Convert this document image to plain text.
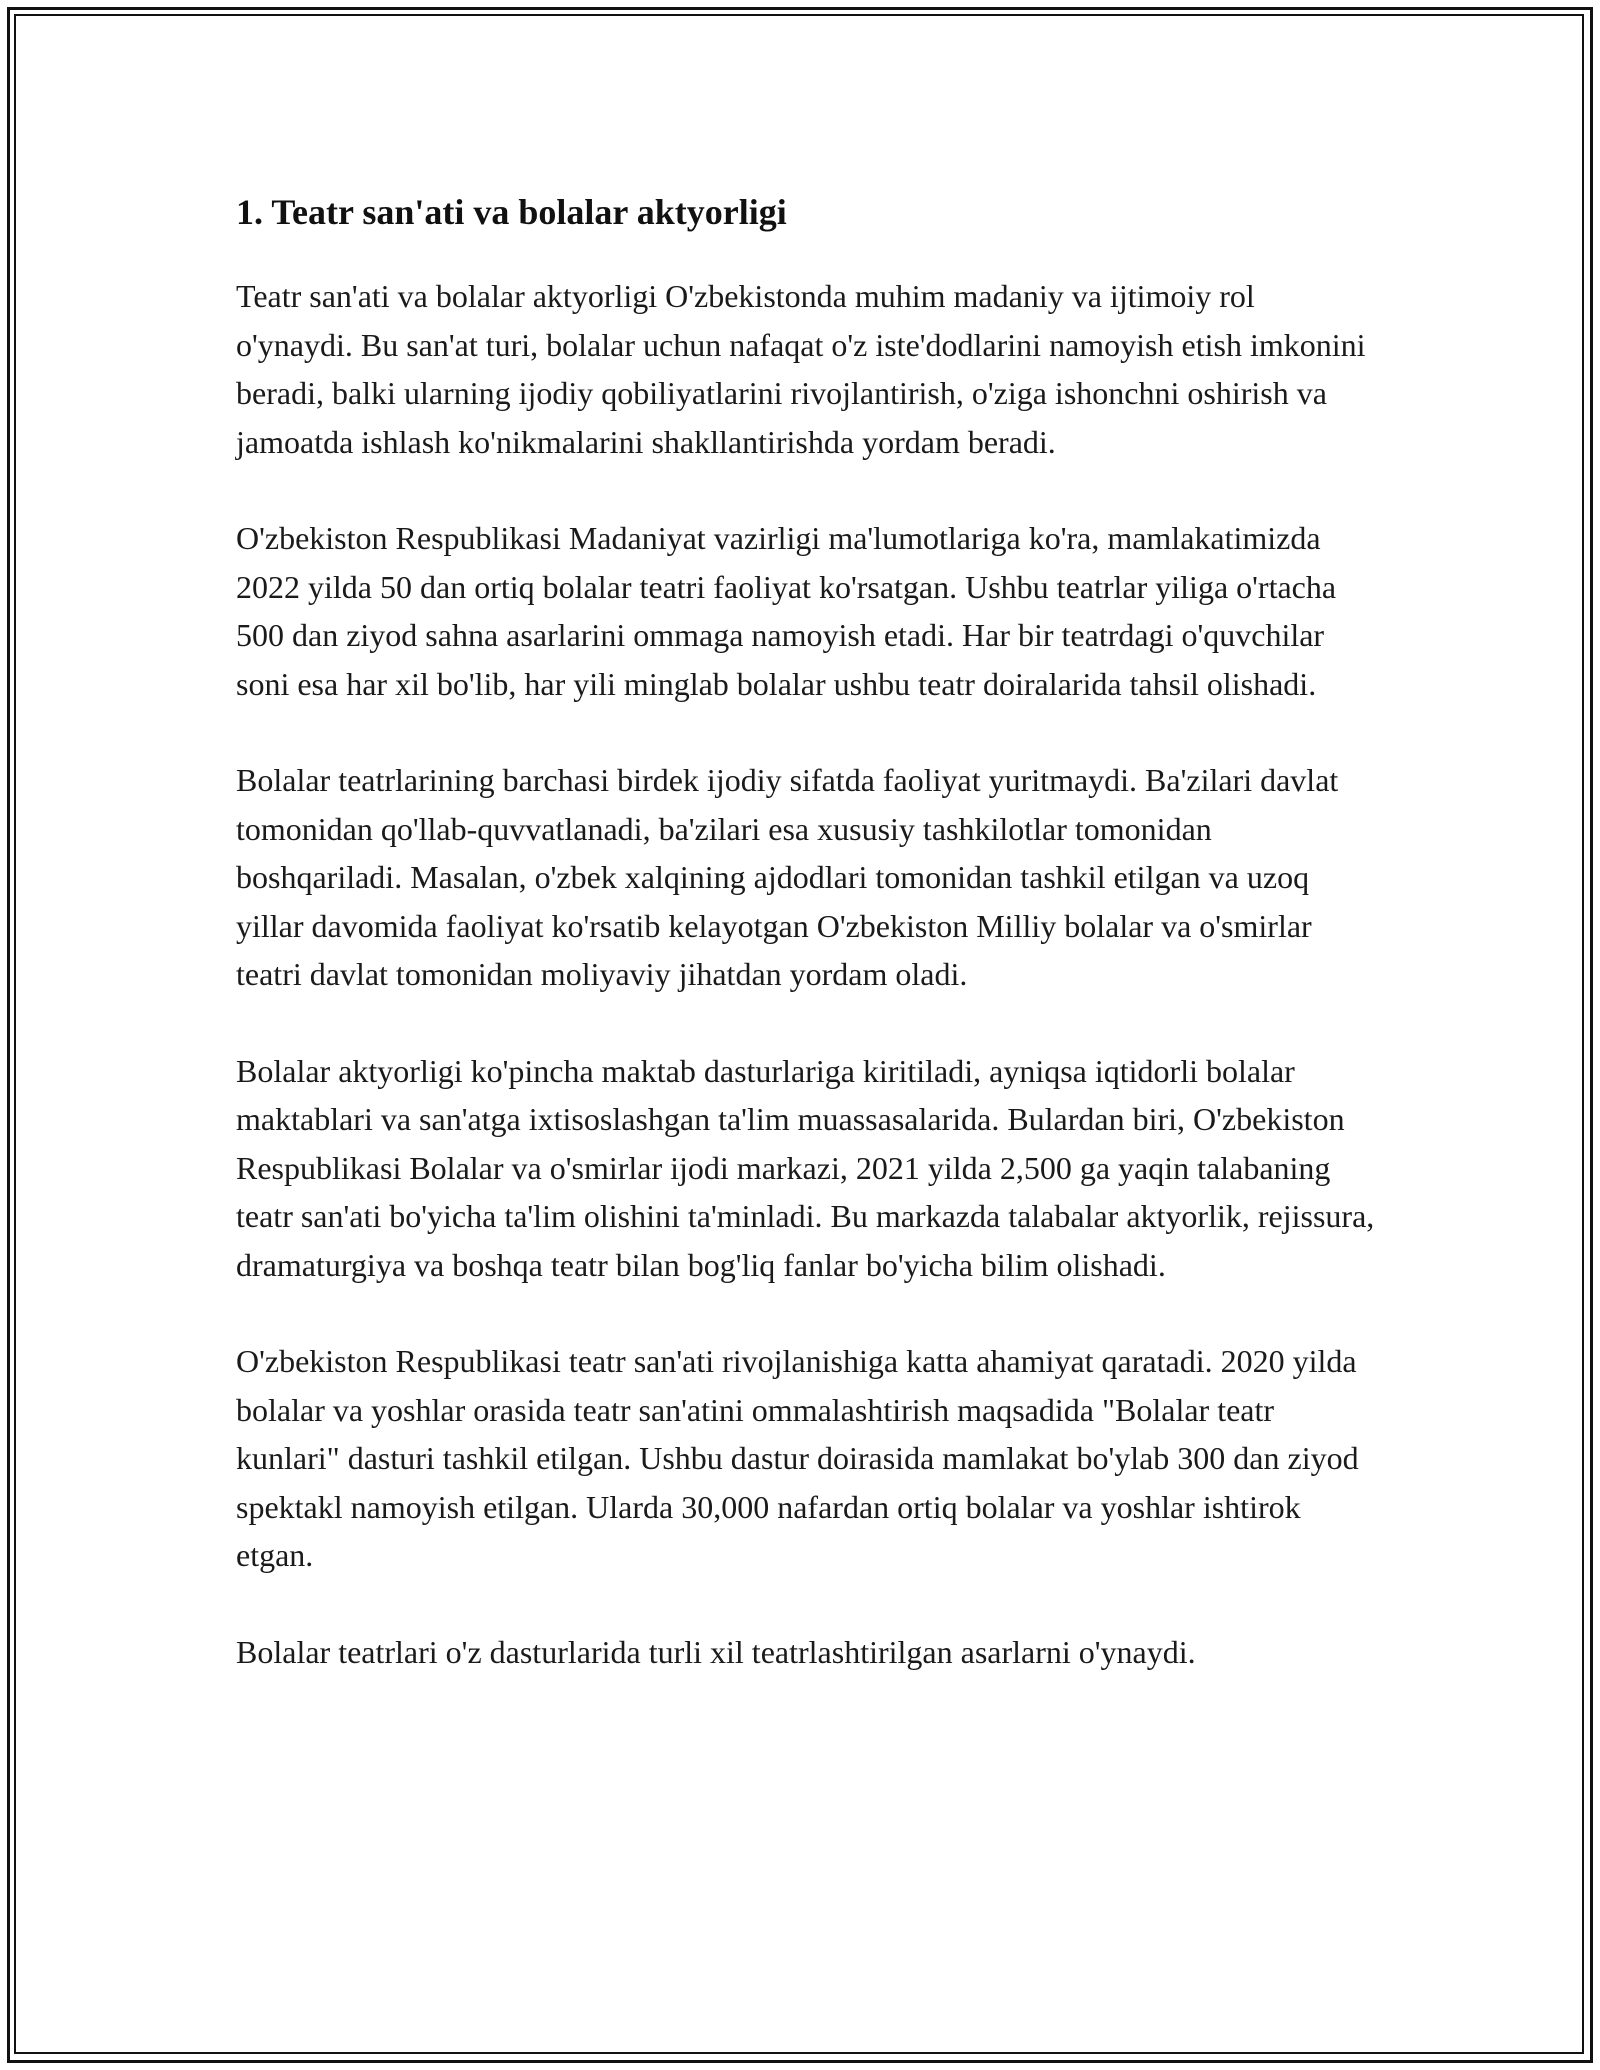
1. Teatr san'ati va bolalar aktyorligi

Teatr san'ati va bolalar aktyorligi O'zbekistonda muhim madaniy va ijtimoiy rol o'ynaydi. Bu san'at turi, bolalar uchun nafaqat o'z iste'dodlarini namoyish etish imkonini beradi, balki ularning ijodiy qobiliyatlarini rivojlantirish, o'ziga ishonchni oshirish va jamoatda ishlash ko'nikmalarini shakllantirishda yordam beradi.

O'zbekiston Respublikasi Madaniyat vazirligi ma'lumotlariga ko'ra, mamlakatimizda 2022 yilda 50 dan ortiq bolalar teatri faoliyat ko'rsatgan. Ushbu teatrlar yiliga o'rtacha 500 dan ziyod sahna asarlarini ommaga namoyish etadi. Har bir teatrdagi o'quvchilar soni esa har xil bo'lib, har yili minglab bolalar ushbu teatr doiralarida tahsil olishadi.

Bolalar teatrlarining barchasi birdek ijodiy sifatda faoliyat yuritmaydi. Ba'zilari davlat tomonidan qo'llab-quvvatlanadi, ba'zilari esa xususiy tashkilotlar tomonidan boshqariladi. Masalan, o'zbek xalqining ajdodlari tomonidan tashkil etilgan va uzoq yillar davomida faoliyat ko'rsatib kelayotgan O'zbekiston Milliy bolalar va o'smirlar teatri davlat tomonidan moliyaviy jihatdan yordam oladi.

Bolalar aktyorligi ko'pincha maktab dasturlariga kiritiladi, ayniqsa iqtidorli bolalar maktablari va san'atga ixtisoslashgan ta'lim muassasalarida. Bulardan biri, O'zbekiston Respublikasi Bolalar va o'smirlar ijodi markazi, 2021 yilda 2,500 ga yaqin talabaning teatr san'ati bo'yicha ta'lim olishini ta'minladi. Bu markazda talabalar aktyorlik, rejissura, dramaturgiya va boshqa teatr bilan bog'liq fanlar bo'yicha bilim olishadi.

O'zbekiston Respublikasi teatr san'ati rivojlanishiga katta ahamiyat qaratadi. 2020 yilda bolalar va yoshlar orasida teatr san'atini ommalashtirish maqsadida "Bolalar teatr kunlari" dasturi tashkil etilgan. Ushbu dastur doirasida mamlakat bo'ylab 300 dan ziyod spektakl namoyish etilgan. Ularda 30,000 nafardan ortiq bolalar va yoshlar ishtirok etgan.

Bolalar teatrlari o'z dasturlarida turli xil teatrlashtirilgan asarlarni o'ynaydi.
